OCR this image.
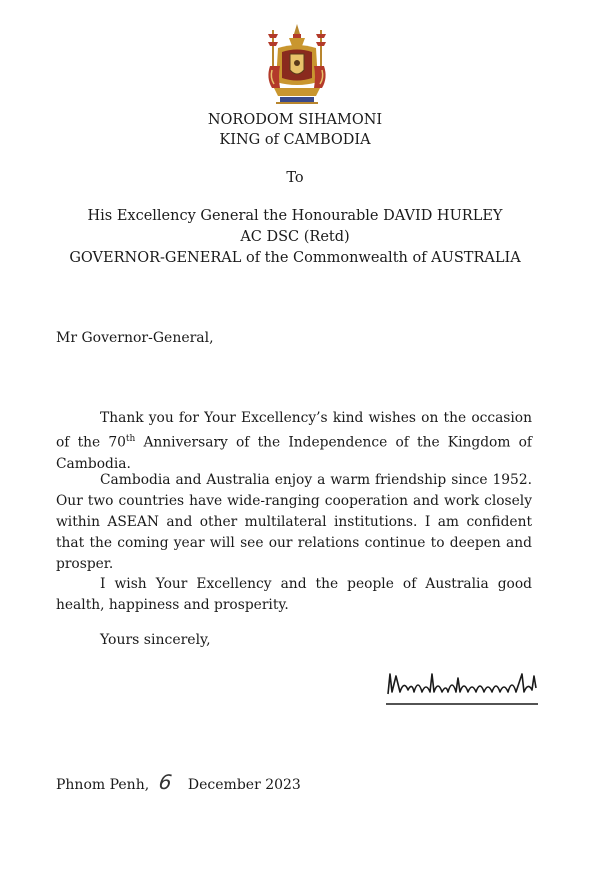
NORODOM SIHAMONI
KING of CAMBODIA
To
His Excellency General the Honourable DAVID HURLEY
AC DSC (Retd)
GOVERNOR-GENERAL of the Commonwealth of AUSTRALIA
Mr Governor-General,
Thank you for Your Excellency’s kind wishes on the occasion of the 70th Anniversary of the Independence of the Kingdom of Cambodia.
Cambodia and Australia enjoy a warm friendship since 1952. Our two countries have wide-ranging cooperation and work closely within ASEAN and other multilateral institutions. I am confident that the coming year will see our relations continue to deepen and prosper.
I wish Your Excellency and the people of Australia good health, happiness and prosperity.
Yours sincerely,
Phnom Penh, 6 December 2023
